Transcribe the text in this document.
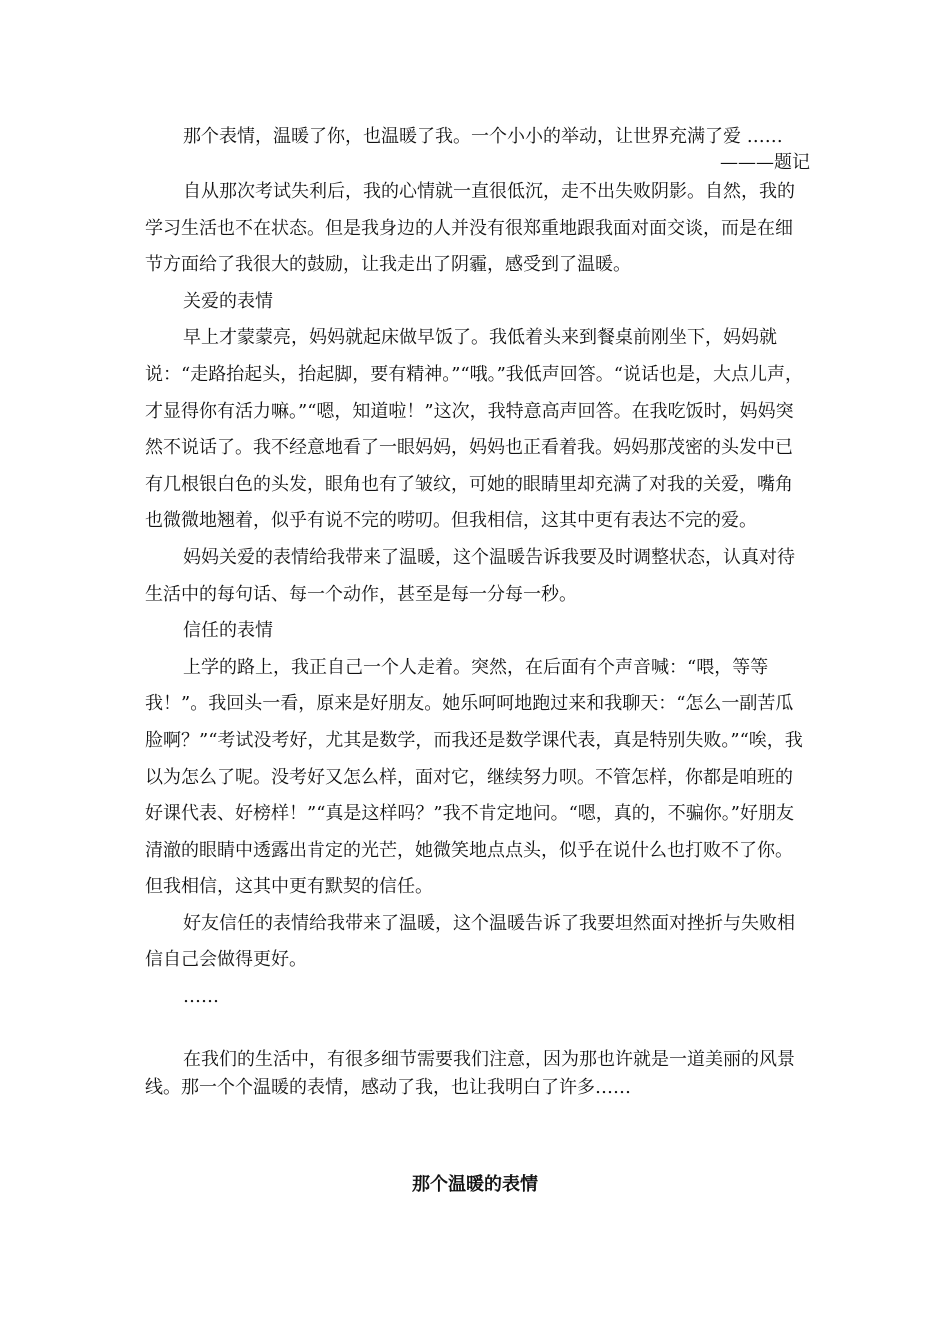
那个表情，温暖了你，也温暖了我。一个小小的举动，让世界充满了爱 ……

———题记

自从那次考试失利后，我的心情就一直很低沉，走不出失败阴影。自然，我的学习生活也不在状态。但是我身边的人并没有很郑重地跟我面对面交谈，而是在细节方面给了我很大的鼓励，让我走出了阴霾，感受到了温暖。

关爱的表情

早上才蒙蒙亮，妈妈就起床做早饭了。我低着头来到餐桌前刚坐下，妈妈就说：“走路抬起头，抬起脚，要有精神。”“哦。”我低声回答。“说话也是，大点儿声，才显得你有活力嘛。”“嗯，知道啦！”这次，我特意高声回答。在我吃饭时，妈妈突然不说话了。我不经意地看了一眼妈妈，妈妈也正看着我。妈妈那茂密的头发中已有几根银白色的头发，眼角也有了皱纹，可她的眼睛里却充满了对我的关爱，嘴角也微微地翘着，似乎有说不完的唠叨。但我相信，这其中更有表达不完的爱。

妈妈关爱的表情给我带来了温暖，这个温暖告诉我要及时调整状态，认真对待生活中的每句话、每一个动作，甚至是每一分每一秒。

信任的表情

上学的路上，我正自己一个人走着。突然，在后面有个声音喊：“喂，等等我！”。我回头一看，原来是好朋友。她乐呵呵地跑过来和我聊天：“怎么一副苦瓜脸啊？”“考试没考好，尤其是数学，而我还是数学课代表，真是特别失败。”“唉，我以为怎么了呢。没考好又怎么样，面对它，继续努力呗。不管怎样，你都是咱班的好课代表、好榜样！”“真是这样吗？”我不肯定地问。“嗯，真的，不骗你。”好朋友清澈的眼睛中透露出肯定的光芒，她微笑地点点头，似乎在说什么也打败不了你。但我相信，这其中更有默契的信任。

好友信任的表情给我带来了温暖，这个温暖告诉了我要坦然面对挫折与失败相信自己会做得更好。

……

在我们的生活中，有很多细节需要我们注意，因为那也许就是一道美丽的风景线。那一个个温暖的表情，感动了我，也让我明白了许多……

那个温暖的表情
